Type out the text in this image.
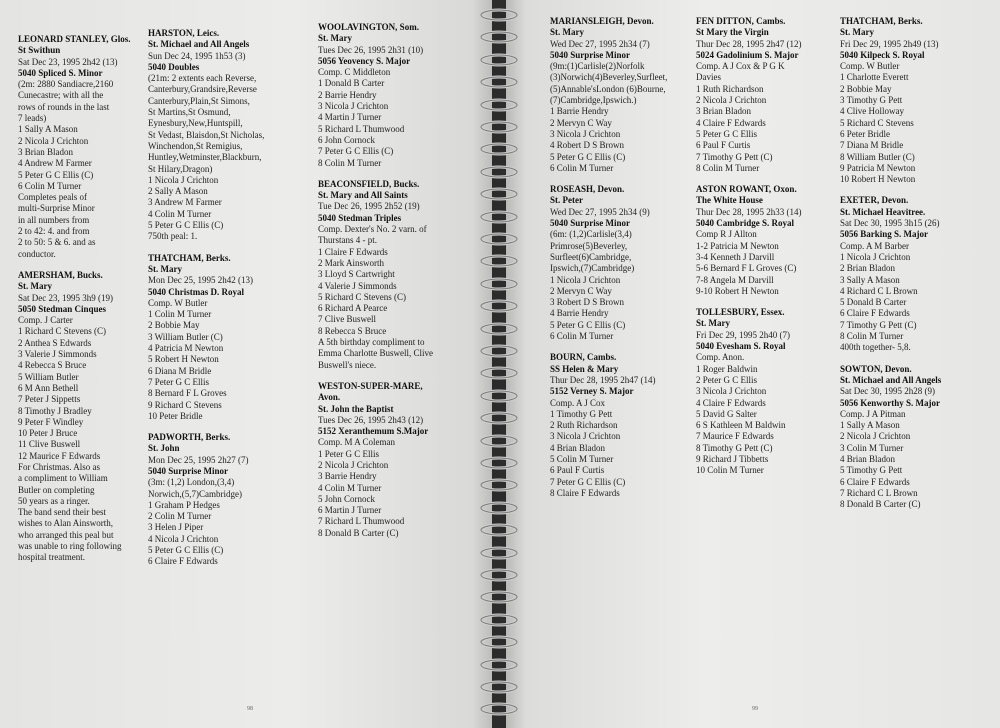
LEONARD STANLEY, Glos.
St Swithun
Sat Dec 23, 1995 2h42 (13)
5040 Spliced S. Minor
(2m: 2880 Sandiacre,2160
Cunecastre; with all the
rows of rounds in the last
7 leads)
1 Sally A Mason
2 Nicola J Crichton
3 Brian Bladon
4 Andrew M Farmer
5 Peter G C Ellis (C)
6 Colin M Turner
Completes peals of
multi-Surprise Minor
in all numbers from
2 to 42: 4. and from
2 to 50: 5 & 6. and as
conductor.
AMERSHAM, Bucks.
St. Mary
Sat Dec 23, 1995 3h9 (19)
5050 Stedman Cinques
Comp. J Carter
1 Richard C Stevens (C)
2 Anthea S Edwards
3 Valerie J Simmonds
4 Rebecca S Bruce
5 William Butler
6 M Ann Bethell
7 Peter J Sippetts
8 Timothy J Bradley
9 Peter F Windley
10 Peter J Bruce
11 Clive Buswell
12 Maurice F Edwards
For Christmas. Also as
a compliment to William
Butler on completing
50 years as a ringer.
The band send their best
wishes to Alan Ainsworth,
who arranged this peal but
was unable to ring following
hospital treatment.
HARSTON, Leics.
St. Michael and All Angels
Sun Dec 24, 1995 1h53 (3)
5040 Doubles
(21m: 2 extents each Reverse,
Canterbury,Grandsire,Reverse
Canterbury,Plain,St Simons,
St Martins,St Osmund,
Eynesbury,New,Huntspill,
St Vedast, Blaisdon,St Nicholas,
Winchendon,St Remigius,
Huntley,Wetminster,Blackburn,
St Hilary,Dragon)
1 Nicola J Crichton
2 Sally A Mason
3 Andrew M Farmer
4 Colin M Turner
5 Peter G C Ellis (C)
750th peal: 1.
THATCHAM, Berks.
St. Mary
Mon Dec 25, 1995 2h42 (13)
5040 Christmas D. Royal
Comp. W Butler
1 Colin M Turner
2 Bobbie May
3 William Butler (C)
4 Patricia M Newton
5 Robert H Newton
6 Diana M Bridle
7 Peter G C Ellis
8 Bernard F L Groves
9 Richard C Stevens
10 Peter Bridle
PADWORTH, Berks.
St. John
Mon Dec 25, 1995 2h27 (7)
5040 Surprise Minor
(3m: (1,2) London,(3,4)
Norwich,(5,7)Cambridge)
1 Graham P Hedges
2 Colin M Turner
3 Helen J Piper
4 Nicola J Crichton
5 Peter G C Ellis (C)
6 Claire F Edwards
WOOLAVINGTON, Som.
St. Mary
Tues Dec 26, 1995 2h31 (10)
5056 Yeovency S. Major
Comp. C Middleton
1 Donald B Carter
2 Barrie Hendry
3 Nicola J Crichton
4 Martin J Turner
5 Richard L Thumwood
6 John Cornock
7 Peter G C Ellis (C)
8 Colin M Turner
BEACONSFIELD, Bucks.
St. Mary and All Saints
Tue Dec 26, 1995 2h52 (19)
5040 Stedman Triples
Comp. Dexter's No. 2 varn. of
Thurstans 4 - pt.
1 Claire F Edwards
2 Mark Ainsworth
3 Lloyd S Cartwright
4 Valerie J Simmonds
5 Richard C Stevens (C)
6 Richard A Pearce
7 Clive Buswell
8 Rebecca S Bruce
A 5th birthday compliment to
Emma Charlotte Buswell, Clive
Buswell's niece.
WESTON-SUPER-MARE,
Avon.
St. John the Baptist
Tues Dec 26, 1995 2h43 (12)
5152 Xeranthemum S.Major
Comp. M A Coleman
1 Peter G C Ellis
2 Nicola J Crichton
3 Barrie Hendry
4 Colin M Turner
5 John Cornock
6 Martin J Turner
7 Richard L Thumwood
8 Donald B Carter (C)
98
MARIANSLEIGH, Devon.
St. Mary
Wed Dec 27, 1995 2h34 (7)
5040 Surprise Minor
(9m:(1)Carlisle(2)Norfolk
(3)Norwich(4)Beverley,Surfleet,
(5)Annable'sLondon (6)Bourne,
(7)Cambridge,Ipswich.)
1 Barrie Hendry
2 Mervyn C Way
3 Nicola J Crichton
4 Robert D S Brown
5 Peter G C Ellis (C)
6 Colin M Turner
ROSEASH, Devon.
St. Peter
Wed Dec 27, 1995 2h34 (9)
5040 Surprise Minor
(6m: (1,2)Carlisle(3,4)
Primrose(5)Beverley,
Surfleet(6)Cambridge,
Ipswich,(7)Cambridge)
1 Nicola J Crichton
2 Mervyn C Way
3 Robert D S Brown
4 Barrie Hendry
5 Peter G C Ellis (C)
6 Colin M Turner
BOURN, Cambs.
SS Helen & Mary
Thur Dec 28, 1995 2h47 (14)
5152 Verney S. Major
Comp. A J Cox
1 Timothy G Pett
2 Ruth Richardson
3 Nicola J Crichton
4 Brian Bladon
5 Colin M Turner
6 Paul F Curtis
7 Peter G C Ellis (C)
8 Claire F Edwards
FEN DITTON, Cambs.
St Mary the Virgin
Thur Dec 28, 1995 2h47 (12)
5024 Gadolinium S. Major
Comp. A J Cox & P G K
Davies
1 Ruth Richardson
2 Nicola J Crichton
3 Brian Bladon
4 Claire F Edwards
5 Peter G C Ellis
6 Paul F Curtis
7 Timothy G Pett (C)
8 Colin M Turner
ASTON ROWANT, Oxon.
The White House
Thur Dec 28, 1995 2h33 (14)
5040 Cambridge S. Royal
Comp R J Allton
1-2 Patricia M Newton
3-4 Kenneth J Darvill
5-6 Bernard F L Groves (C)
7-8 Angela M Darvill
9-10 Robert H Newton
TOLLESBURY, Essex.
St. Mary
Fri Dec 29, 1995 2h40 (7)
5040 Evesham S. Royal
Comp. Anon.
1 Roger Baldwin
2 Peter G C Ellis
3 Nicola J Crichton
4 Claire F Edwards
5 David G Salter
6 S Kathleen M Baldwin
7 Maurice F Edwards
8 Timothy G Pett (C)
9 Richard J Tibbetts
10 Colin M Turner
THATCHAM, Berks.
St. Mary
Fri Dec 29, 1995 2h49 (13)
5040 Kilpeck S. Royal
Comp. W Butler
1 Charlotte Everett
2 Bobbie May
3 Timothy G Pett
4 Clive Holloway
5 Richard C Stevens
6 Peter Bridle
7 Diana M Bridle
8 William Butler (C)
9 Patricia M Newton
10 Robert H Newton
EXETER, Devon.
St. Michael Heavitree.
Sat Dec 30, 1995 3h15 (26)
5056 Barking S. Major
Comp. A M Barber
1 Nicola J Crichton
2 Brian Bladon
3 Sally A Mason
4 Richard C L Brown
5 Donald B Carter
6 Claire F Edwards
7 Timothy G Pett (C)
8 Colin M Turner
400th together- 5,8.
SOWTON, Devon.
St. Michael and All Angels
Sat Dec 30, 1995 2h28 (9)
5056 Kenworthy S. Major
Comp. J A Pitman
1 Sally A Mason
2 Nicola J Crichton
3 Colin M Turner
4 Brian Bladon
5 Timothy G Pett
6 Claire F Edwards
7 Richard C L Brown
8 Donald B Carter (C)
99
